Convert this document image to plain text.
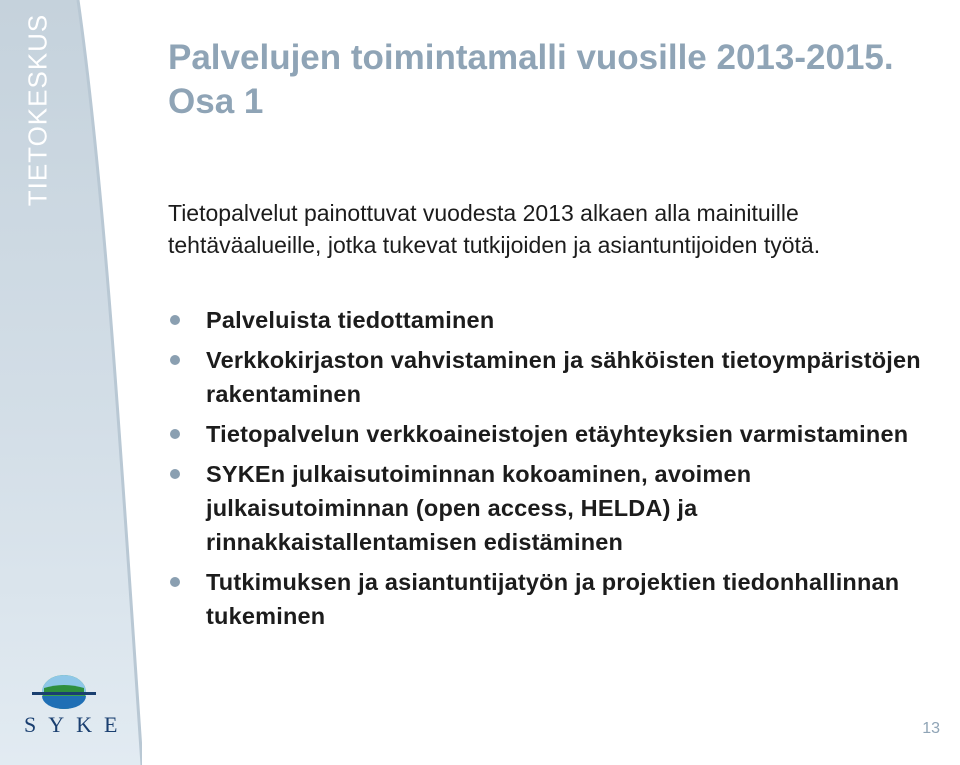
TIETOKESKUS
SYKE
Palvelujen toimintamalli vuosille 2013-2015. Osa 1

Tietopalvelut painottuvat vuodesta 2013 alkaen alla mainituille tehtäväalueille, jotka tukevat tutkijoiden ja asiantuntijoiden työtä.

Palveluista tiedottaminen
Verkkokirjaston vahvistaminen ja sähköisten tietoympäristöjen rakentaminen
Tietopalvelun verkkoaineistojen etäyhteyksien varmistaminen
SYKEn julkaisutoiminnan kokoaminen, avoimen julkaisutoiminnan (open access, HELDA) ja rinnakkaistallentamisen edistäminen
Tutkimuksen ja asiantuntijatyön ja projektien tiedonhallinnan tukeminen
13
